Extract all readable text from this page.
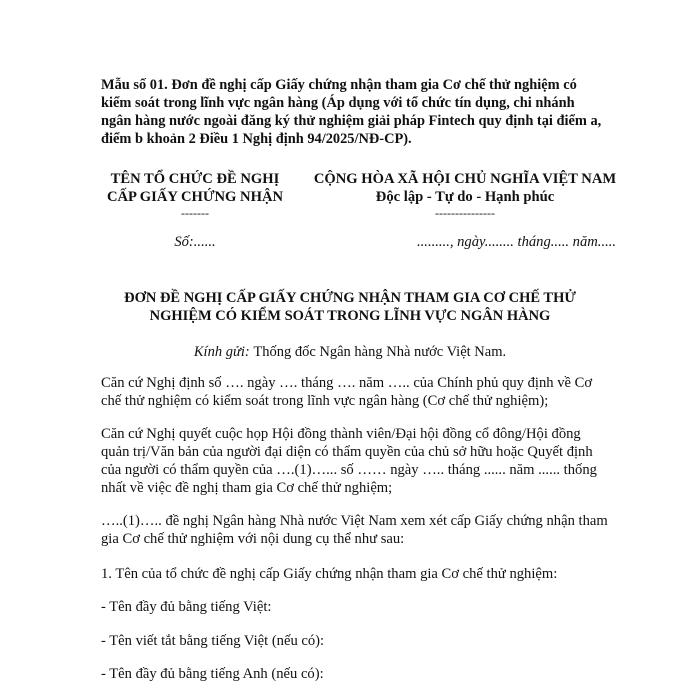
Mẫu số 01. Đơn đề nghị cấp Giấy chứng nhận tham gia Cơ chế thử nghiệm có
kiểm soát trong lĩnh vực ngân hàng (Áp dụng với tổ chức tín dụng, chi nhánh
ngân hàng nước ngoài đăng ký thử nghiệm giải pháp Fintech quy định tại điểm a,
điểm b khoản 2 Điều 1 Nghị định 94/2025/NĐ-CP).
TÊN TỔ CHỨC ĐỀ NGHỊ
CẤP GIẤY CHỨNG NHẬN
-------
Số:......
CỘNG HÒA XÃ HỘI CHỦ NGHĨA VIỆT NAM
Độc lập - Tự do - Hạnh phúc
---------------
........., ngày........ tháng..... năm.....
ĐƠN ĐỀ NGHỊ CẤP GIẤY CHỨNG NHẬN THAM GIA CƠ CHẾ THỬ
NGHIỆM CÓ KIỂM SOÁT TRONG LĨNH VỰC NGÂN HÀNG
Kính gửi: Thống đốc Ngân hàng Nhà nước Việt Nam.
Căn cứ Nghị định số …. ngày …. tháng …. năm ….. của Chính phủ quy định về Cơ
chế thử nghiệm có kiểm soát trong lĩnh vực ngân hàng (Cơ chế thử nghiệm);
Căn cứ Nghị quyết cuộc họp Hội đồng thành viên/Đại hội đồng cổ đông/Hội đồng
quản trị/Văn bản của người đại diện có thẩm quyền của chủ sở hữu hoặc Quyết định
của người có thẩm quyền của ….(1)…... số …… ngày ….. tháng ...... năm ...... thống
nhất về việc đề nghị tham gia Cơ chế thử nghiệm;
…..(1)….. đề nghị Ngân hàng Nhà nước Việt Nam xem xét cấp Giấy chứng nhận tham
gia Cơ chế thử nghiệm với nội dung cụ thể như sau:
1. Tên của tổ chức đề nghị cấp Giấy chứng nhận tham gia Cơ chế thử nghiệm:
- Tên đầy đủ bằng tiếng Việt:
- Tên viết tắt bằng tiếng Việt (nếu có):
- Tên đầy đủ bằng tiếng Anh (nếu có):
